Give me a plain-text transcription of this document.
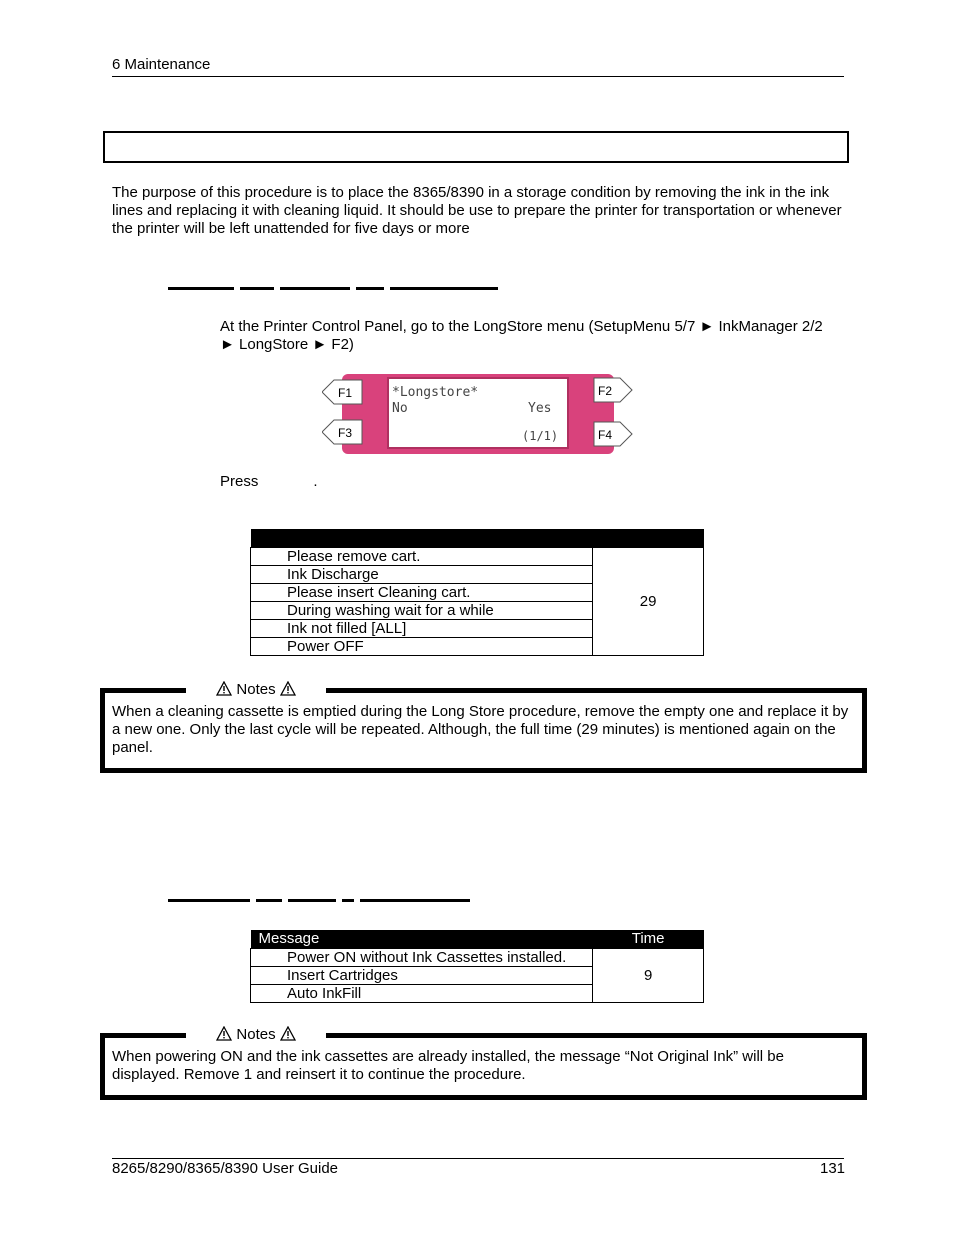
6 Maintenance
The purpose of this procedure is to place the 8365/8390 in a storage condition by removing the ink in the ink lines and replacing it with cleaning liquid. It should be use to prepare the printer for transportation or whenever the printer will be left unattended for five days or more
At the Printer Control Panel, go to the LongStore menu (SetupMenu 5/7 ► InkManager 2/2 ► LongStore ► F2)
F1
F3
F2
F4
*Longstore*
No	Yes
(1/1)
Press	.

Please remove cart.	29
Ink Discharge	
Please insert Cleaning cart.	
During washing wait for a while	
Ink not filled [ALL]	
Power OFF	
Notes
When a cleaning cassette is emptied during the Long Store procedure, remove the empty one and replace it by a new one. Only the last cycle will be repeated. Although, the full time (29 minutes) is mentioned again on the panel.
Message	Time
Power ON without Ink Cassettes installed.	9
Insert Cartridges	
Auto InkFill	
Notes
When powering ON and the ink cassettes are already installed, the message “Not Original Ink” will be displayed. Remove 1 and reinsert it to continue the procedure.
8265/8290/8365/8390 User Guide	131
